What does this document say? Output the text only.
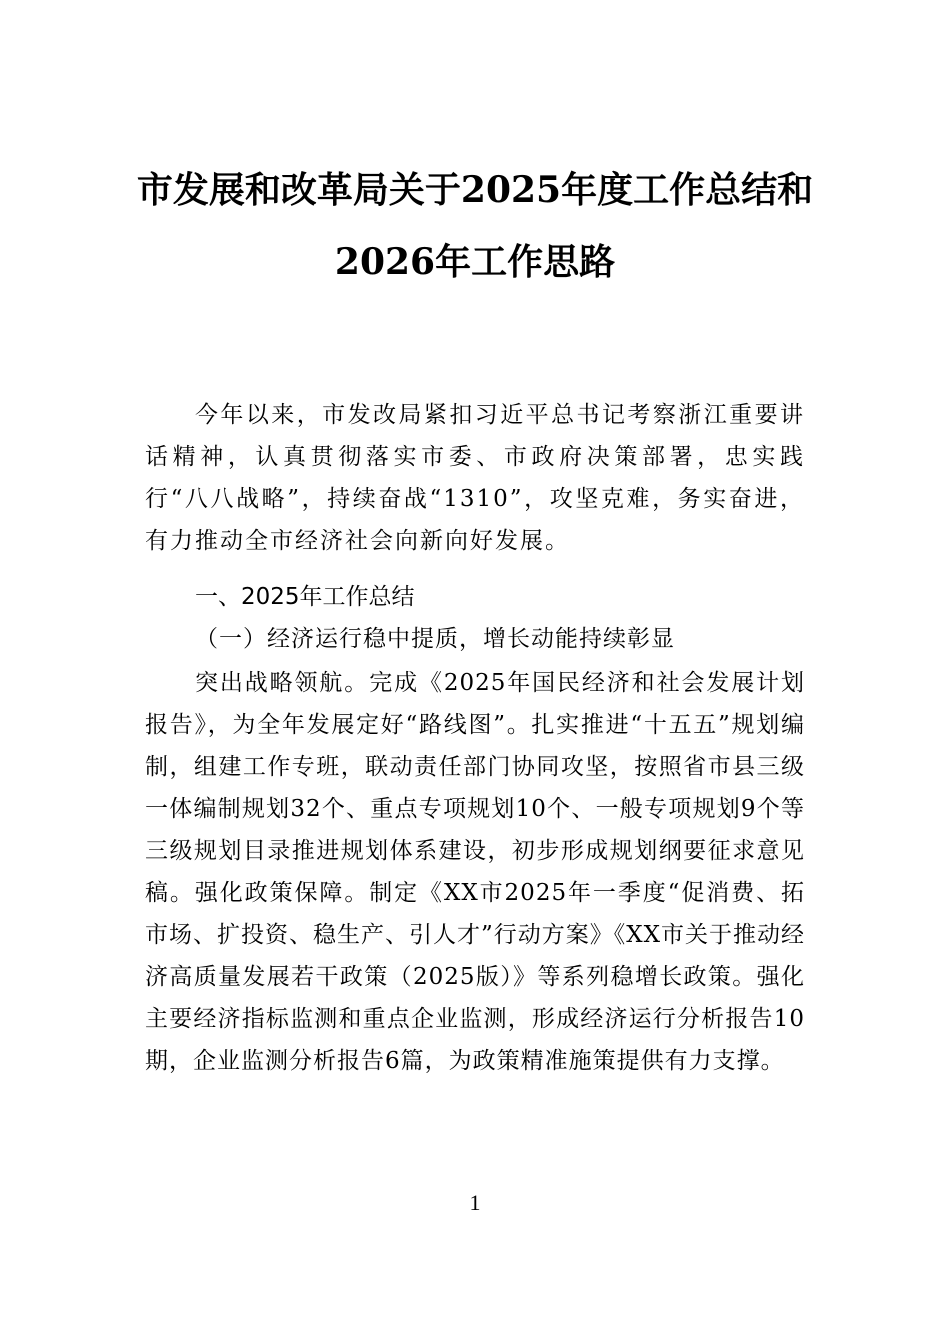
市发展和改革局关于2025年度工作总结和
2026年工作思路

今年以来，市发改局紧扣习近平总书记考察浙江重要讲话精神，认真贯彻落实市委、市政府决策部署，忠实践行“八八战略”，持续奋战“1310”，攻坚克难，务实奋进，有力推动全市经济社会向新向好发展。

一、2025年工作总结
（一）经济运行稳中提质，增长动能持续彰显

突出战略领航。完成《2025年国民经济和社会发展计划报告》，为全年发展定好“路线图”。扎实推进“十五五”规划编制，组建工作专班，联动责任部门协同攻坚，按照省市县三级一体编制规划32个、重点专项规划10个、一般专项规划9个等三级规划目录推进规划体系建设，初步形成规划纲要征求意见稿。强化政策保障。制定《XX市2025年一季度“促消费、拓市场、扩投资、稳生产、引人才”行动方案》《XX市关于推动经济高质量发展若干政策（2025版）》等系列稳增长政策。强化主要经济指标监测和重点企业监测，形成经济运行分析报告10期，企业监测分析报告6篇，为政策精准施策提供有力支撑。

1
